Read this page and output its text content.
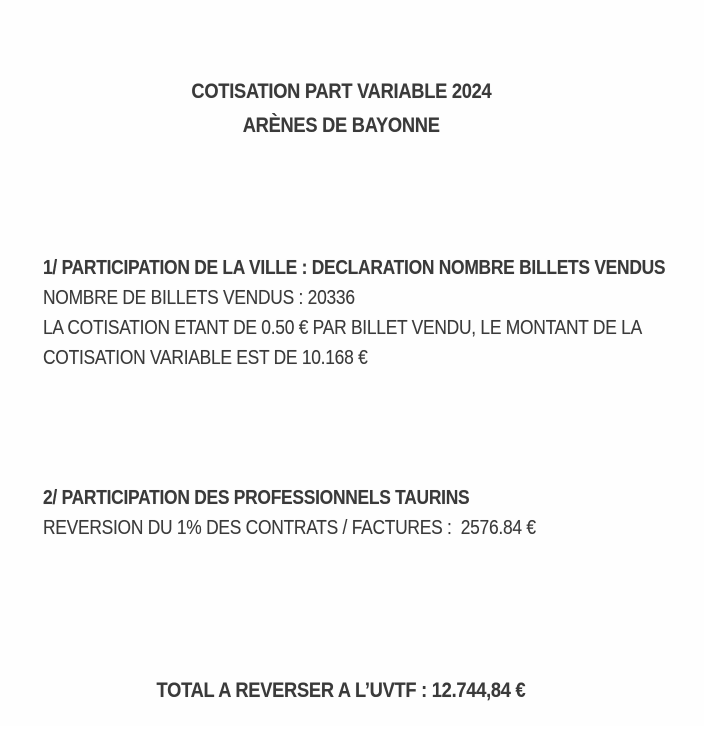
COTISATION PART VARIABLE 2024

ARÈNES DE BAYONNE

1/ PARTICIPATION DE LA VILLE : DECLARATION NOMBRE BILLETS VENDUS

NOMBRE DE BILLETS VENDUS : 20336

LA COTISATION ETANT DE 0.50 € PAR BILLET VENDU, LE MONTANT DE LA

COTISATION VARIABLE EST DE 10.168 €

2/ PARTICIPATION DES PROFESSIONNELS TAURINS

REVERSION DU 1% DES CONTRATS / FACTURES :  2576.84 €

TOTAL A REVERSER A L’UVTF : 12.744,84 €
